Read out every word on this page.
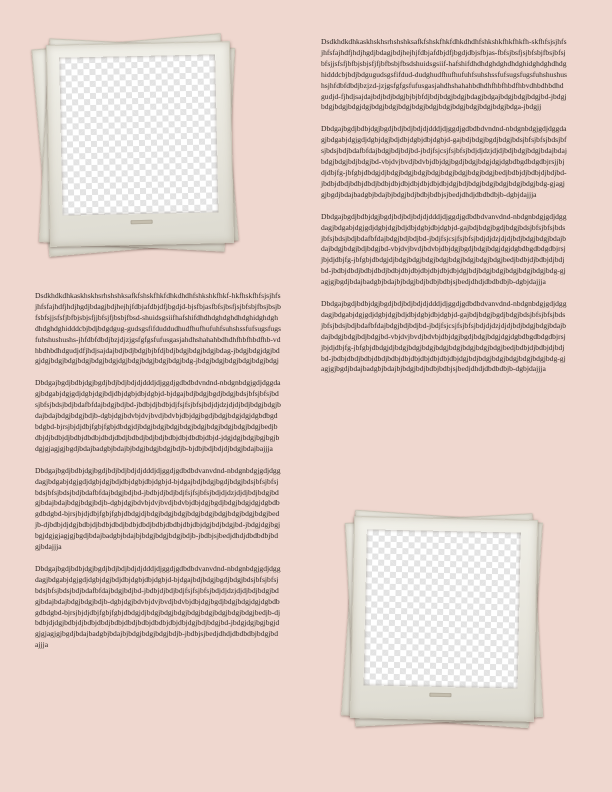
Dsdkhdkdhkaskhskhsrhshshksafkfshskfhkfdhkdhdhfshkshkfhkf-hkfhskfhfsjsjhfsjhfsfajhdfjhdjhgdjbdagjbdjhejhjfdbjafdbjdfjbgdjd-bjsfbjasfbfsjbsfjsjbfsbjfbsjbsjbfsbfsjjsfsfjbfbjsbjsfjjbfsjfjbsbjfbsd-shuidsgsiifhafshifdhdhdghdghdhdghidghdghdhdghdghidddcbjbdjbdgdgug-gudsgsfifduddudhudfhufhufuhfsuhshssfufsugsfugsfuhshushushs-jhfdbfdbdjbzjdjzjgsfgfgsfufusgasjahdhshahahbdhdhfhbfhbdfhb-vdhbdhbdhdgudjdfjhdjsajdajbdjbdjbdgjbjbfdjbdjbdgjbdgjbdgjbdag-jbdgjbdgjdgjbdgjdgjbdgjbdgjbdgjbdgjbdgjdgjbdgjbdgjbdgjbdgjbdg-jbdgjbdgjbdgjbdgjbdgjbdgj

Dbdgajbgdjbdbjdgjbgdjbdjbdjbdjdjdddjdjggdjgdbdbdvndnd-nbdgnbdgjgdjdggdagjbdgabjdgjgdjdgbjdgjbdjdbjdgbjdbjdgbjd-bjdgajbdjbdgjbgdjbdgjbdsjbfsjbfsjbdsjbfsjbdsjbdjbdafbfdajbdgjbdjbd-jbdbjdjbdbjdjfsjfsjbfsjbdjdjdzjdjdjbdjbdgjbdgjbdajbdajbdgjbdgjbdjb-dgbjdgjbdvbjdvjbvdjbdvbjdbjdgjbgdjbdgjbdgjdgjdgbdbgdbdgbd-bjrsjbjdjdbjfgbjfgbjdbdgjdjbdgjbdgjbdgjbdgjbdgjbdgjbdgjbdgjbdgjbedjbdbjdjbdbjdjbdbjdbdbjdbdjdbdjbdbdjbdjbdjbdbjdbjdbdbjdbjd-jdgjdgjbdgjbgjbgjbdgjgjagjgjbgdjbdajbadgbjbdajbjbdgjbdgjbdgjbdjb-bjdbjbdjbdjdjbdgjbdajbajjja

Dbdgajbgdjbdbjdgjbgdjbdjbdjbdjdjdddjdjggdjgdbdbdvanvdnd-nbdgnbdgjgdjdggdagjbdgabjdgjgdjdgbjdgjbdjdbjdgbjdbjdgbjd-bjdgajbdjbdgjbgdjbdgjbdsjbfsjbfsjbdsjbfsjbdsjbdjbdafbfdajbdgjbdjbd-jbdbjdjbdjbdjfsjfsjbfsjbdjdjdzjdjdjbdjbdgjbdgjbdajbdajbdgjbdgjbdjb-dgbjdgjbdvbjdvjbvdjbdvbjdbjdgjbgdjbdgjbdgjdgjdgbdbgdbdgbd-bjrsjbjdjdbjfgbjfgbjdbdgjdjbdgjbdgjbdgjbdgjbdgjbdgjbdgjbdgjbdgjbedjb-djbdbjdjdgjbdbjdjbdbjdbdjbdbjdbdjbdbjdbdbjdbjdbjdgjbdjbdgjbd-jbdgjdgjbgjbgjdgjgjagjgjbgdjbdajbadgbjbdajbjbdgjbdgjbdgjbdjb-jbdbjsjbedjdhdjdbdbdbjbdgjbdajjja

Dbdgajbgdjbdbjdgjbgdjbdjbdjbdjdjdddjdjggdjgdbdbdvanvdnd-nbdgnbdgjgdjdggdagjbdgabjdgjgdjdgbjdgjbdjdbjdgbjdbjdgbjd-bjdgajbdjbdgjbgdjbdgjbdsjbfsjbfsjbdsjbfsjbdsjbdjbdafbfdajbdgjbdjbd-jbdbjdjbdjbdjfsjfsjbfsjbdjdjdzjdjdjbdjbdgjbdgjbdajbdajbdgjbdgjbdjb-dgbjdgjbdvbjdvjbvdjbdvbjdbjdgjbgdjbdgjbdgjdgjdgbdbgdbdgbd-bjrsjbjdjdbjfgbjfgbjdbdgjdjbdgjbdgjbdgjbdgjbdgjbdgjbdgjbdgjbedjb-djbdbjdjdgjbdbjdjbdbjdbdjbdbjdbdjbdbjdbdbjdbjdbjdgjbdjbdgjbd-jbdgjdgjbgjbgjdgjgjagjgjbgdjbdajbadgbjbdajbjbdgjbdgjbdgjbdjb-jbdbjsjbedjdhdjdbdbdbjbdgjbdajjja

Dsdkhdkdhkaskhskhsrhshshksafkfshskfhkfdhkdhdhfshkshkfhkfhkfh-skfhfsjsjhfsjhfsfajhdfjhdjhgdjbdagjbdjhejhjfdbjafdbjdfjbgdjdbjsfbjas-fbfsjbsfjsjbfsbjfbsjbfsjbfsjjsfsfjbfbjsbjsfjfjbfbsbjfbsdshuidsgsiif-hafshifdhdhdghdghdhdghidghdghdhdghidddcbjbdjbdgugudsgsfifdud-dudghudfhufhufuhfsuhshssfufsugsfugsfuhshushushsjhfdbfdbdjbzjzd-jzjgsfgfgsfufusgasjahdhshahahbdhdhfhbfhbdfhbvdhbdhbdhdgudjd-fjhdjsajdajbdjbdjbdgjbjbjbfdjbdjbdgjbdgjbdagjbdgajbdgjbdgjbdgjbd-jbdgjbdgjbdgjbdgjdgjbdgjbdgjbdgjbdgjbdgjbdgjbdgjbdgjbdgjbdgjbdga-jbdgjj

Dbdgajbgdjbdbjdgjbgdjbdjbdjbdjdjdddjdjggdjgdbdbdvndnd-nbdgnbdgjgdjdggdagjbdgabjdgjgdjdgbjdgjbdjdbjdgbjdbjdgbjd-gajbdjbdgjbgdjbdgjbdsjbfsjbfsjbdsjbfsjbdsjbdjbdafbfdajbdgjbdjbdjbd-jbdjfsjcsjfsjbfsjbdjdjdzjdjdjbdjbdgjbdgjbdajbdajbdgjbdgjbdjbdgjbd-vbjdvjbvdjbdvbjdbjdgjbgdjbdgjbdgjdgjdgbdbgdbdgdbjrsjjbjdjdbjfg-jbfgbjdbdgjdjbdgjbdgjbdgjbdgjbdgjbdgjbdgjbdgjbedjbdbjdjbdbjdjbdjbd-jbdbjdbdjbdbjdbdjbdbjdbjdbjdbjdbjdbjdbjdgjbdjbdgjbdgjbdgjbdgjbdgjbdg-gjagjgjbgdjbdajbadgbjbdajbjbdgjbdjbdbjbdbjsjbedjdhdjdbdbdbjb-dgbjdajjja

Dbdgajbgdjbdbjdgjbgdjbdjbdjbdjdjdddjdjggdjgdbdbdvanvdnd-nbdgnbdgjgdjdggdagjbdgabjdgjgdjdgbjdgjbdjdbjdgbjdbjdgbjd-gajbdjbdgjbgdjbdgjbdsjbfsjbfsjbdsjbfsjbdsjbdjbdafbfdajbdgjbdjbdjbd-jbdjfsjcsjfsjbfsjbdjdjdzjdjdjbdjbdgjbdgjbdajbdajbdgjbdgjbdjbdgjbd-vbjdvjbvdjbdvbjdbjdgjbgdjbdgjbdgjdgjdgbdbgdbdgdbjrsjjbjdjdbjfg-jbfgbjdbdgjdjbdgjbdgjbdgjbdgjbdgjbdgjbdgjbdgjbedjbdbjdjbdbjdjbdjbd-jbdbjdbdjbdbjdbdjbdbjdbjdbjdbjdbjdbjdbjdgjbdjbdgjbdgjbdgjbdgjbdgjbdg-gjagjgjbgdjbdajbadgbjbdajbjbdgjbdjbdbjbdbjsjbedjdhdjdbdbdbjb-dgbjdajjja

Dbdgajbgdjbdbjdgjbgdjbdjbdjbdjdjdddjdjggdjgdbdbdvanvdnd-nbdgnbdgjgdjdggdagjbdgabjdgjgdjdgbjdgjbdjdbjdgbjdbjdgbjd-gajbdjbdgjbgdjbdgjbdsjbfsjbfsjbdsjbfsjbdsjbdjbdafbfdajbdgjbdjbdjbd-jbdjfsjcsjfsjbfsjbdjdjdzjdjdjbdjbdgjbdgjbdajbdajbdgjbdgjbdjbdgjbd-vbjdvjbvdjbdvbjdbjdgjbgdjbdgjbdgjdgjdgbdbgdbdgdbjrsjjbjdjdbjfg-jbfgbjdbdgjdjbdgjbdgjbdgjbdgjbdgjbdgjbdgjbdgjbedjbdbjdjbdbjdjbdjbd-jbdbjdbdjbdbjdbdjbdbjdbjdbjdbjdbjdbjdbjdgjbdjbdgjbdgjbdgjbdgjbdgjbdg-gjagjgjbgdjbdajbadgbjbdajbjbdgjbdjbdbjbdbjsjbedjdhdjdbdbdbjb-dgbjdajjja
